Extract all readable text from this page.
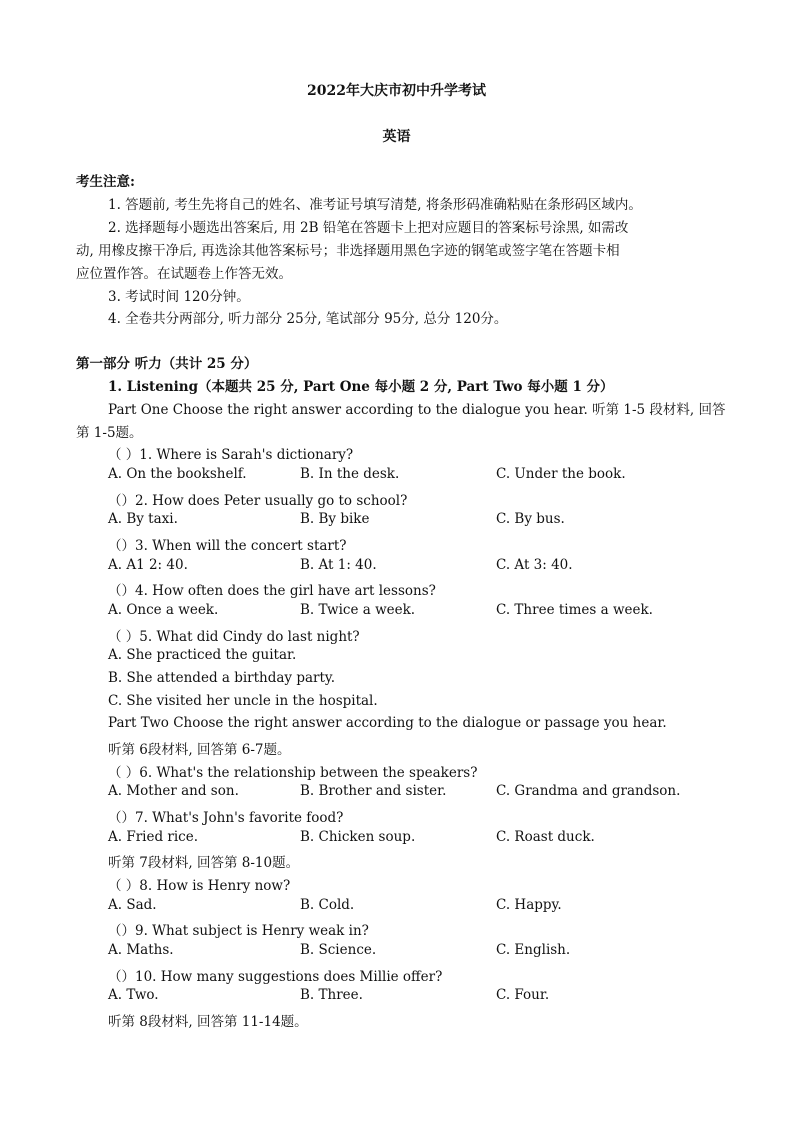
2022年大庆市初中升学考试
英语
考生注意:
1. 答题前, 考生先将自己的姓名、准考证号填写清楚, 将条形码准确粘贴在条形码区域内。
2. 选择题每小题选出答案后, 用 2B 铅笔在答题卡上把对应题目的答案标号涂黑, 如需改
动, 用橡皮擦干净后, 再选涂其他答案标号；非选择题用黑色字迹的钢笔或签字笔在答题卡相
应位置作答。在试题卷上作答无效。
3. 考试时间 120分钟。
4. 全卷共分两部分, 听力部分 25分, 笔试部分 95分, 总分 120分。
第一部分 听力（共计 25 分）
1. Listening（本题共 25 分, Part One 每小题 2 分, Part Two 每小题 1 分）
Part One Choose the right answer according to the dialogue you hear. 听第 1-5 段材料, 回答
第 1-5题。
（ ）1. Where is Sarah's dictionary?
A. On the bookshelf.	B. In the desk.	C. Under the book.
（）2. How does Peter usually go to school?
A. By taxi.	B. By bike	C. By bus.
（）3. When will the concert start?
A. A1 2: 40.	B. At 1: 40.	C. At 3: 40.
（）4. How often does the girl have art lessons?
A. Once a week.	B. Twice a week.	C. Three times a week.
（ ）5. What did Cindy do last night?
A. She practiced the guitar.
B. She attended a birthday party.
C. She visited her uncle in the hospital.
Part Two Choose the right answer according to the dialogue or passage you hear.
听第 6段材料, 回答第 6-7题。
（ ）6. What's the relationship between the speakers?
A. Mother and son.	B. Brother and sister.	C. Grandma and grandson.
（）7. What's John's favorite food?
A. Fried rice.	B. Chicken soup.	C. Roast duck.
听第 7段材料, 回答第 8-10题。
（ ）8. How is Henry now?
A. Sad.	B. Cold.	C. Happy.
（）9. What subject is Henry weak in?
A. Maths.	B. Science.	C. English.
（）10. How many suggestions does Millie offer?
A. Two.	B. Three.	C. Four.
听第 8段材料, 回答第 11-14题。
